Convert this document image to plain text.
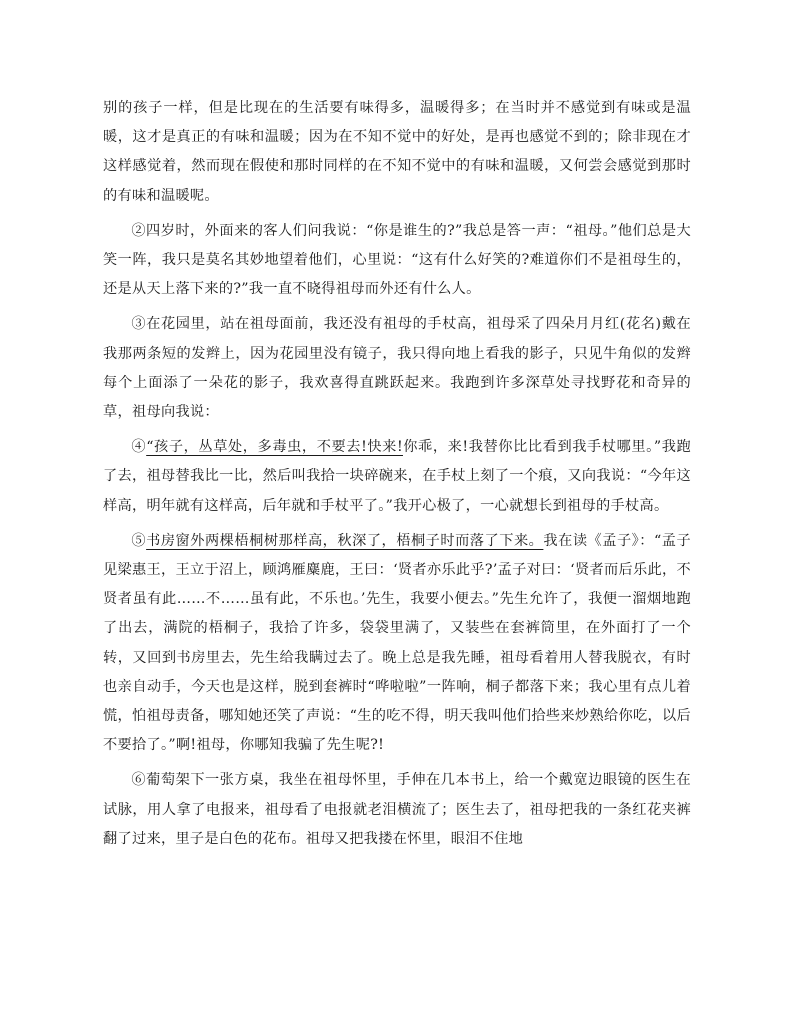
别的孩子一样，但是比现在的生活要有味得多，温暖得多；在当时并不感觉到有味或是温暖，这才是真正的有味和温暖；因为在不知不觉中的好处，是再也感觉不到的；除非现在才这样感觉着，然而现在假使和那时同样的在不知不觉中的有味和温暖，又何尝会感觉到那时的有味和温暖呢。

②四岁时，外面来的客人们问我说：“你是谁生的?”我总是答一声：“祖母。”他们总是大笑一阵，我只是莫名其妙地望着他们，心里说：“这有什么好笑的?难道你们不是祖母生的，还是从天上落下来的?”我一直不晓得祖母而外还有什么人。

③在花园里，站在祖母面前，我还没有祖母的手杖高，祖母采了四朵月月红(花名)戴在我那两条短的发辫上，因为花园里没有镜子，我只得向地上看我的影子，只见牛角似的发辫每个上面添了一朵花的影子，我欢喜得直跳跃起来。我跑到许多深草处寻找野花和奇异的草，祖母向我说：

④“孩子，丛草处，多毒虫，不要去!快来!你乖，来!我替你比比看到我手杖哪里。”我跑了去，祖母替我比一比，然后叫我拾一块碎碗来，在手杖上刻了一个痕，又向我说：“今年这样高，明年就有这样高，后年就和手杖平了。”我开心极了，一心就想长到祖母的手杖高。

⑤书房窗外两棵梧桐树那样高，秋深了，梧桐子时而落了下来。我在读《孟子》：“孟子见梁惠王，王立于沼上，顾鸿雁麋鹿，王曰：‘贤者亦乐此乎?’孟子对曰：‘贤者而后乐此，不贤者虽有此……不……虽有此，不乐也。’先生，我要小便去。”先生允许了，我便一溜烟地跑了出去，满院的梧桐子，我拾了许多，袋袋里满了，又装些在套裤筒里，在外面打了一个转，又回到书房里去，先生给我瞒过去了。晚上总是我先睡，祖母看着用人替我脱衣，有时也亲自动手，今天也是这样，脱到套裤时“哗啦啦”一阵响，桐子都落下来；我心里有点儿着慌，怕祖母责备，哪知她还笑了声说：“生的吃不得，明天我叫他们拾些来炒熟给你吃，以后不要拾了。”啊!祖母，你哪知我骗了先生呢?!

⑥葡萄架下一张方桌，我坐在祖母怀里，手伸在几本书上，给一个戴宽边眼镜的医生在试脉，用人拿了电报来，祖母看了电报就老泪横流了；医生去了，祖母把我的一条红花夹裤翻了过来，里子是白色的花布。祖母又把我搂在怀里，眼泪不住地
